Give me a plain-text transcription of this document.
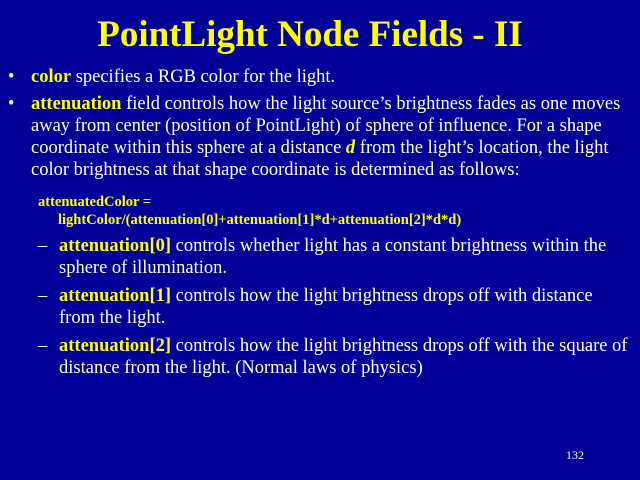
PointLight Node Fields - II

• color specifies a RGB color for the light.

• attenuation field controls how the light source’s brightness fades as one moves away from center (position of PointLight) of sphere of influence. For a shape coordinate within this sphere at a distance d from the light’s location, the light color brightness at that shape coordinate is determined as follows:

attenuatedColor =
lightColor/(attenuation[0]+attenuation[1]*d+attenuation[2]*d*d)
– attenuation[0] controls whether light has a constant brightness within the sphere of illumination.
– attenuation[1] controls how the light brightness drops off with distance from the light.
– attenuation[2] controls how the light brightness drops off with the square of distance from the light. (Normal laws of physics)
132
